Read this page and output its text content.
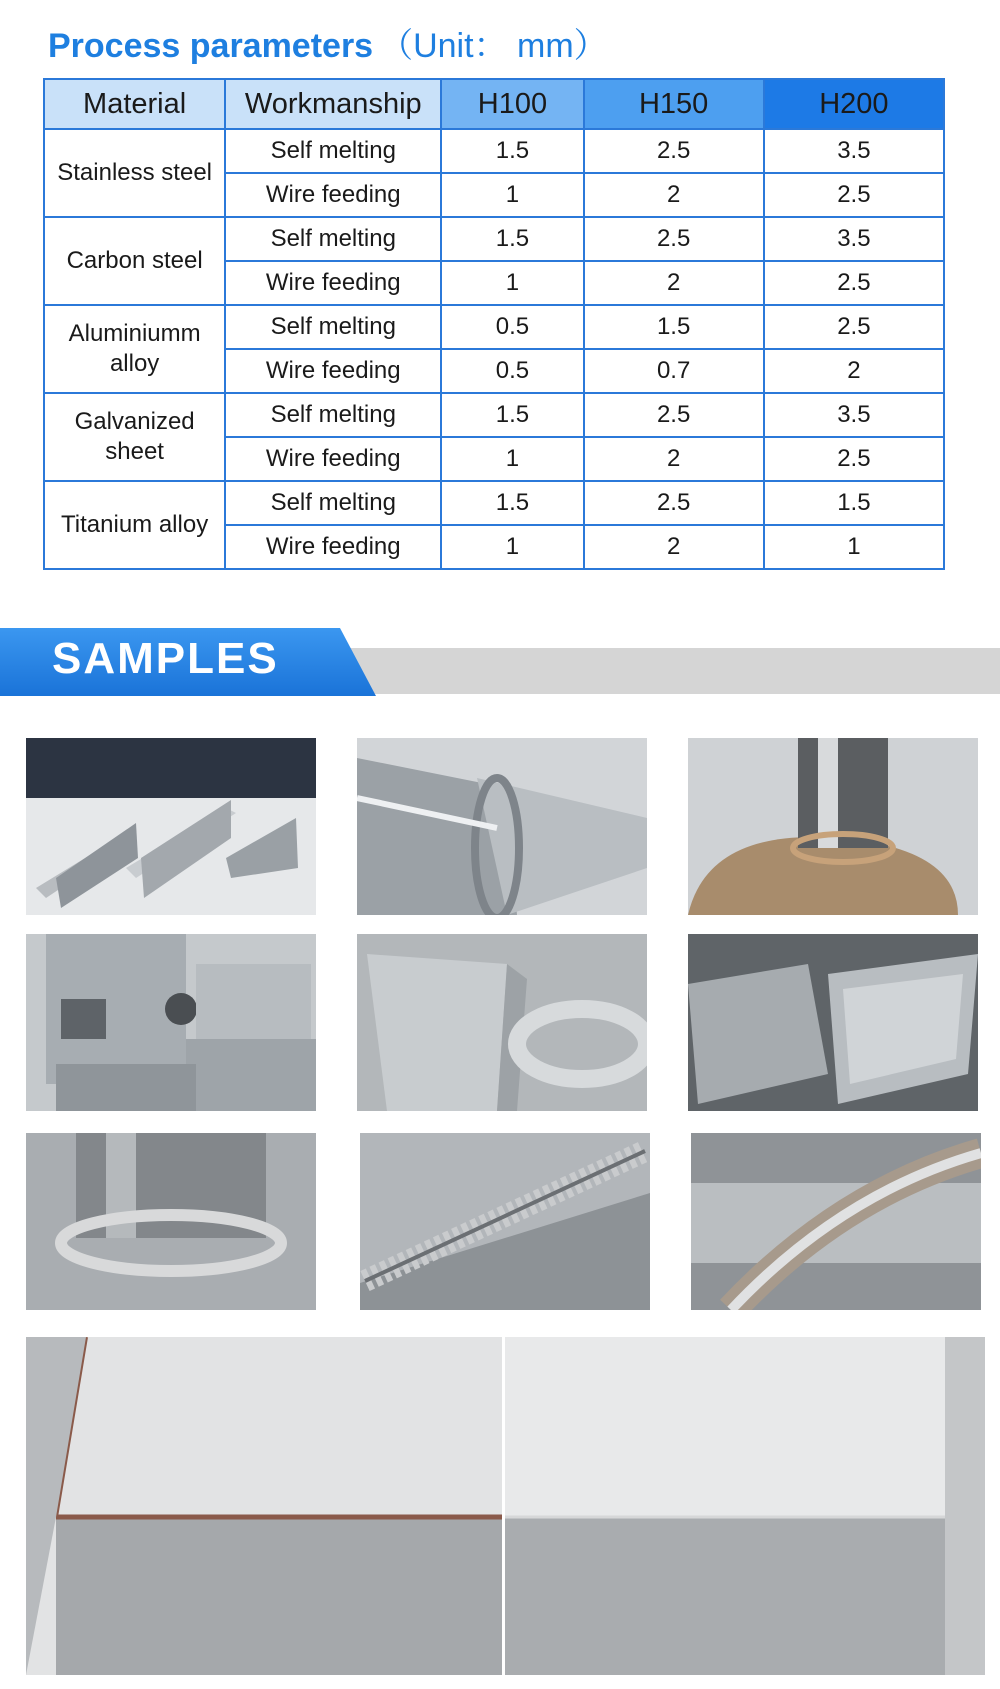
Process parameters （Unit： mm）
Material	Workmanship	H100	H150	H200
Stainless steel	Self melting	1.5	2.5	3.5
	Wire feeding	1	2	2.5
Carbon steel	Self melting	1.5	2.5	3.5
	Wire feeding	1	2	2.5
Aluminiumm alloy	Self melting	0.5	1.5	2.5
	Wire feeding	0.5	0.7	2
Galvanized sheet	Self melting	1.5	2.5	3.5
	Wire feeding	1	2	2.5
Titanium alloy	Self melting	1.5	2.5	1.5
	Wire feeding	1	2	1
SAMPLES
